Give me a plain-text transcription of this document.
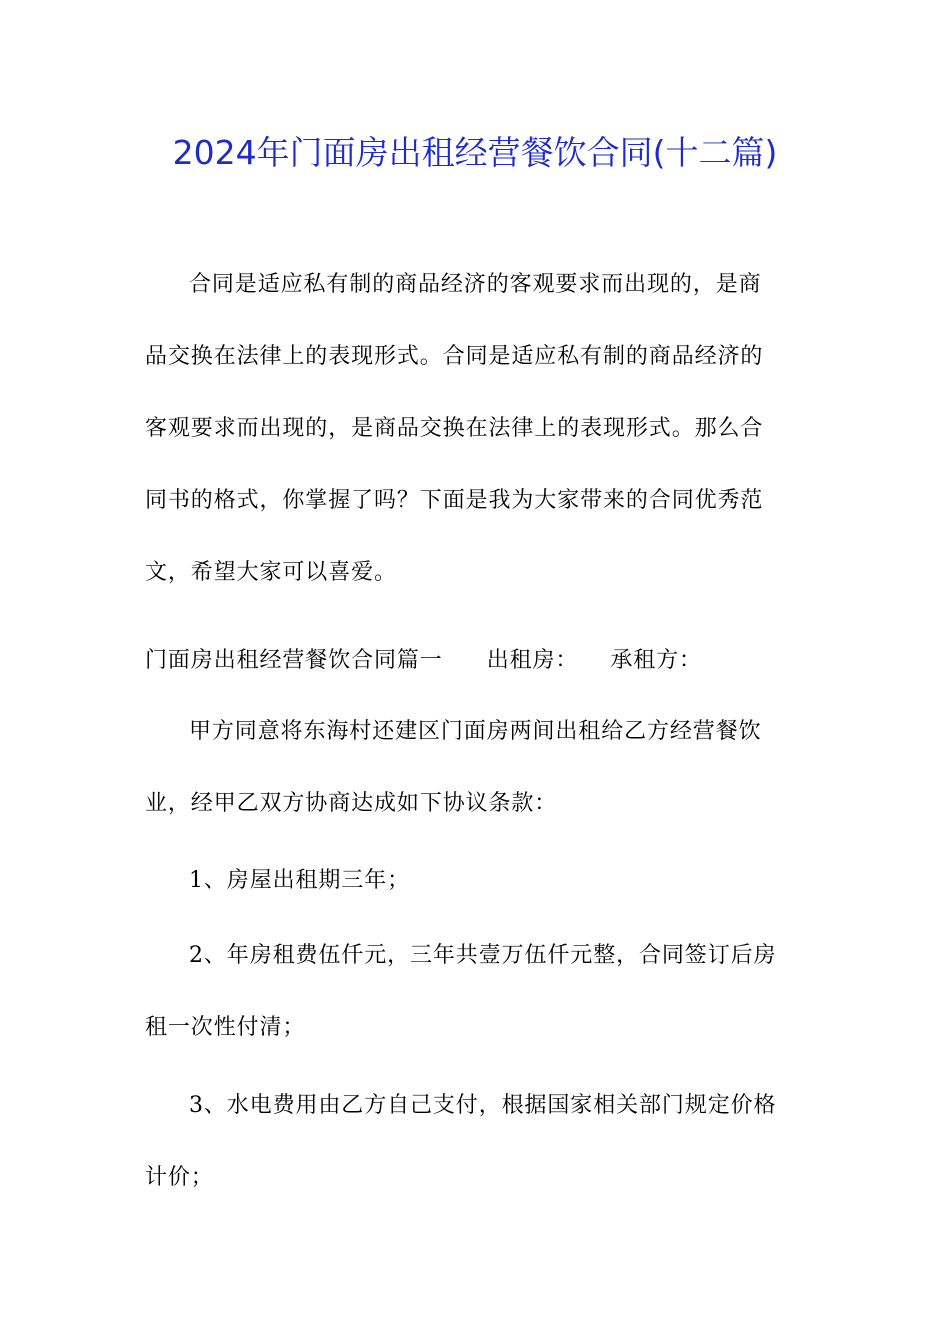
2024年门面房出租经营餐饮合同(十二篇)
合同是适应私有制的商品经济的客观要求而出现的，是商
品交换在法律上的表现形式。合同是适应私有制的商品经济的
客观要求而出现的，是商品交换在法律上的表现形式。那么合
同书的格式，你掌握了吗？下面是我为大家带来的合同优秀范
文，希望大家可以喜爱。
门面房出租经营餐饮合同篇一 出租房： 承租方：
甲方同意将东海村还建区门面房两间出租给乙方经营餐饮
业，经甲乙双方协商达成如下协议条款：
1、房屋出租期三年；
2、年房租费伍仟元，三年共壹万伍仟元整，合同签订后房
租一次性付清；
3、水电费用由乙方自己支付，根据国家相关部门规定价格
计价；
